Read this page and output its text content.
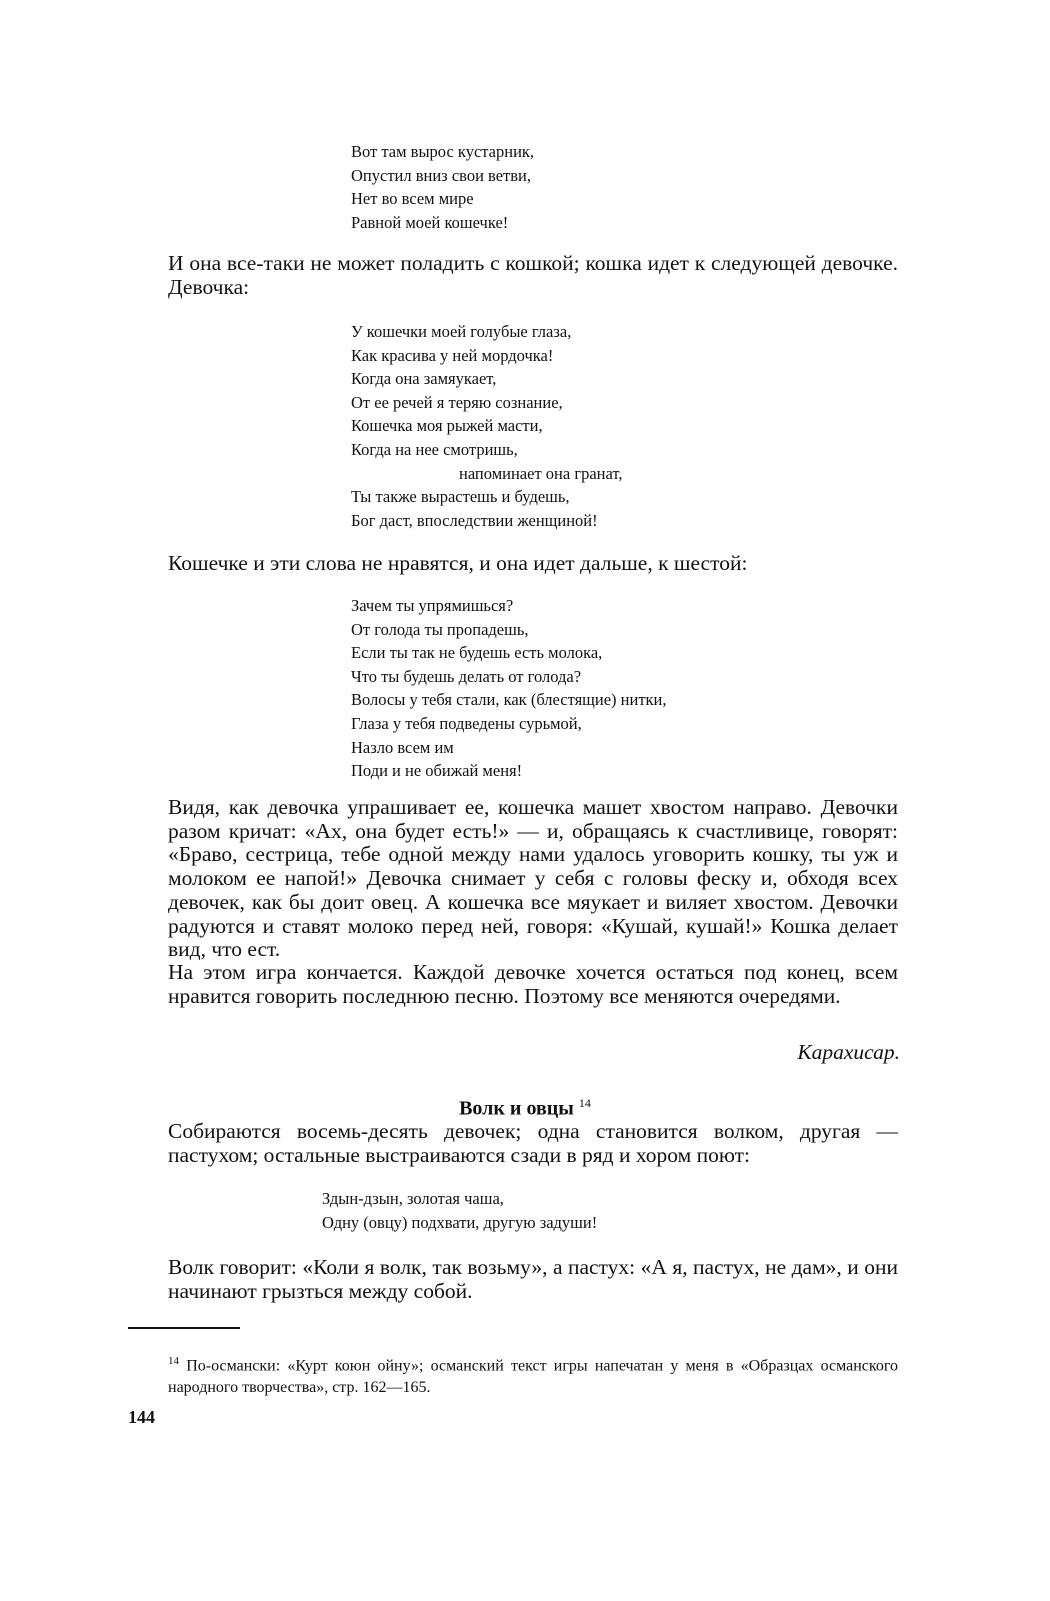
Вот там вырос кустарник,
Опустил вниз свои ветви,
Нет во всем мире
Равной моей кошечке!

И она все-таки не может поладить с кошкой; кошка идет к следующей девочке. Девочка:

У кошечки моей голубые глаза,
Как красива у ней мордочка!
Когда она замяукает,
От ее речей я теряю сознание,
Кошечка моя рыжей масти,
Когда на нее смотришь,
напоминает она гранат,
Ты также вырастешь и будешь,
Бог даст, впоследствии женщиной!

Кошечке и эти слова не нравятся, и она идет дальше, к шестой:

Зачем ты упрямишься?
От голода ты пропадешь,
Если ты так не будешь есть молока,
Что ты будешь делать от голода?
Волосы у тебя стали, как (блестящие) нитки,
Глаза у тебя подведены сурьмой,
Назло всем им
Поди и не обижай меня!

Видя, как девочка упрашивает ее, кошечка машет хвостом направо. Девочки разом кричат: «Ах, она будет есть!» — и, обращаясь к счастливице, говорят: «Браво, сестрица, тебе одной между нами удалось уговорить кошку, ты уж и молоком ее напой!» Девочка снимает у себя с головы феску и, обходя всех девочек, как бы доит овец. А кошечка все мяукает и виляет хвостом. Девочки радуются и ставят молоко перед ней, говоря: «Кушай, кушай!» Кошка делает вид, что ест.

На этом игра кончается. Каждой девочке хочется остаться под конец, всем нравится говорить последнюю песню. Поэтому все меняются очередями.

Карахисар.
Волк и овцы $^{14}$

Собираются восемь-десять девочек; одна становится волком, другая — пастухом; остальные выстраиваются сзади в ряд и хором поют:

Здын-дзын, золотая чаша,
Одну (овцу) подхвати, другую задуши!

Волк говорит: «Коли я волк, так возьму», а пастух: «А я, пастух, не дам», и они начинают грызться между собой.

$^{14}$ По-османски: «Курт коюн ойну»; османский текст игры напечатан у меня в «Образцах османского народного творчества», стр. 162—165.
144
